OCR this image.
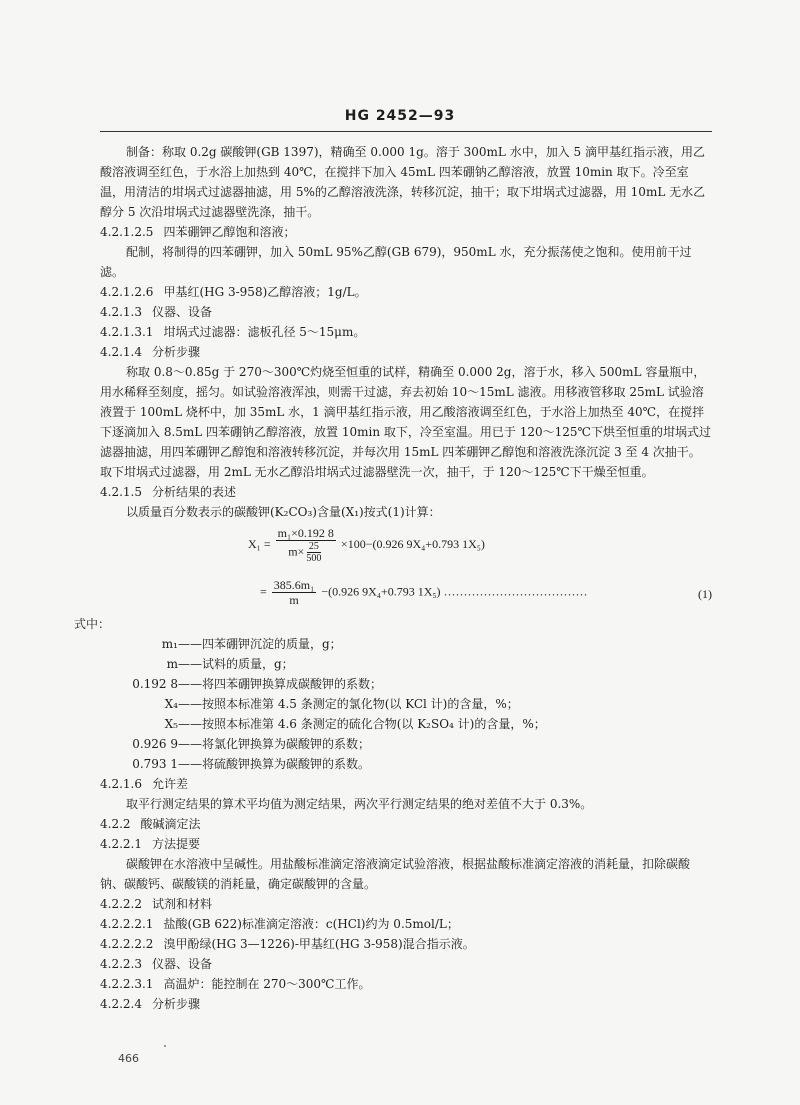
HG 2452—93

制备：称取 0.2g 碳酸钾(GB 1397)，精确至 0.000 1g。溶于 300mL 水中，加入 5 滴甲基红指示液，用乙酸溶液调至红色，于水浴上加热到 40℃，在搅拌下加入 45mL 四苯硼钠乙醇溶液，放置 10min 取下。冷至室温，用清洁的坩埚式过滤器抽滤，用 5%的乙醇溶液洗涤，转移沉淀，抽干；取下坩埚式过滤器，用 10mL 无水乙醇分 5 次沿坩埚式过滤器壁洗涤，抽干。

4.2.1.2.5 四苯硼钾乙醇饱和溶液；

配制，将制得的四苯硼钾，加入 50mL 95%乙醇(GB 679)，950mL 水，充分振荡使之饱和。使用前干过滤。

4.2.1.2.6 甲基红(HG 3-958)乙醇溶液；1g/L。

4.2.1.3 仪器、设备

4.2.1.3.1 坩埚式过滤器：滤板孔径 5～15μm。

4.2.1.4 分析步骤

称取 0.8～0.85g 于 270～300℃灼烧至恒重的试样，精确至 0.000 2g，溶于水，移入 500mL 容量瓶中，用水稀释至刻度，摇匀。如试验溶液浑浊，则需干过滤，弃去初始 10～15mL 滤液。用移液管移取 25mL 试验溶液置于 100mL 烧杯中，加 35mL 水，1 滴甲基红指示液，用乙酸溶液调至红色，于水浴上加热至 40℃，在搅拌下逐滴加入 8.5mL 四苯硼钠乙醇溶液，放置 10min 取下，冷至室温。用已于 120～125℃下烘至恒重的坩埚式过滤器抽滤，用四苯硼钾乙醇饱和溶液转移沉淀，并每次用 15mL 四苯硼钾乙醇饱和溶液洗涤沉淀 3 至 4 次抽干。取下坩埚式过滤器，用 2mL 无水乙醇沿坩埚式过滤器壁洗一次，抽干，于 120～125℃下干燥至恒重。

4.2.1.5 分析结果的表述

以质量百分数表示的碳酸钾(K₂CO₃)含量(X₁)按式(1)计算：

$X_1 = \frac{\text{m₁×0.192 8}}{m\times \frac{25}{500}} \times 100-(0.926$ 9X₄+0.793 1X₅)
= $\frac{\text{385.6m₁}}{m} -(0.926$ 9X₄+0.793 1X₅) ………………………………	(1)

式中：

m₁ ——四苯硼钾沉淀的质量，g；

m ——试料的质量，g；

0.192 8 ——将四苯硼钾换算成碳酸钾的系数；

X₄ ——按照本标准第 4.5 条测定的氯化物(以 KCl 计)的含量，%；

X₅ ——按照本标准第 4.6 条测定的硫化合物(以 K₂SO₄ 计)的含量，%；

0.926 9 ——将氯化钾换算为碳酸钾的系数；

0.793 1 ——将硫酸钾换算为碳酸钾的系数。

4.2.1.6 允许差

取平行测定结果的算术平均值为测定结果，两次平行测定结果的绝对差值不大于 0.3%。

4.2.2 酸碱滴定法

4.2.2.1 方法提要

碳酸钾在水溶液中呈碱性。用盐酸标准滴定溶液滴定试验溶液，根据盐酸标准滴定溶液的消耗量，扣除碳酸钠、碳酸钙、碳酸镁的消耗量，确定碳酸钾的含量。

4.2.2.2 试剂和材料

4.2.2.2.1 盐酸(GB 622)标准滴定溶液：c(HCl)约为 0.5mol/L；

4.2.2.2.2 溴甲酚绿(HG 3—1226)-甲基红(HG 3-958)混合指示液。

4.2.2.3 仪器、设备

4.2.2.3.1 高温炉：能控制在 270～300℃工作。

4.2.2.4 分析步骤

466
